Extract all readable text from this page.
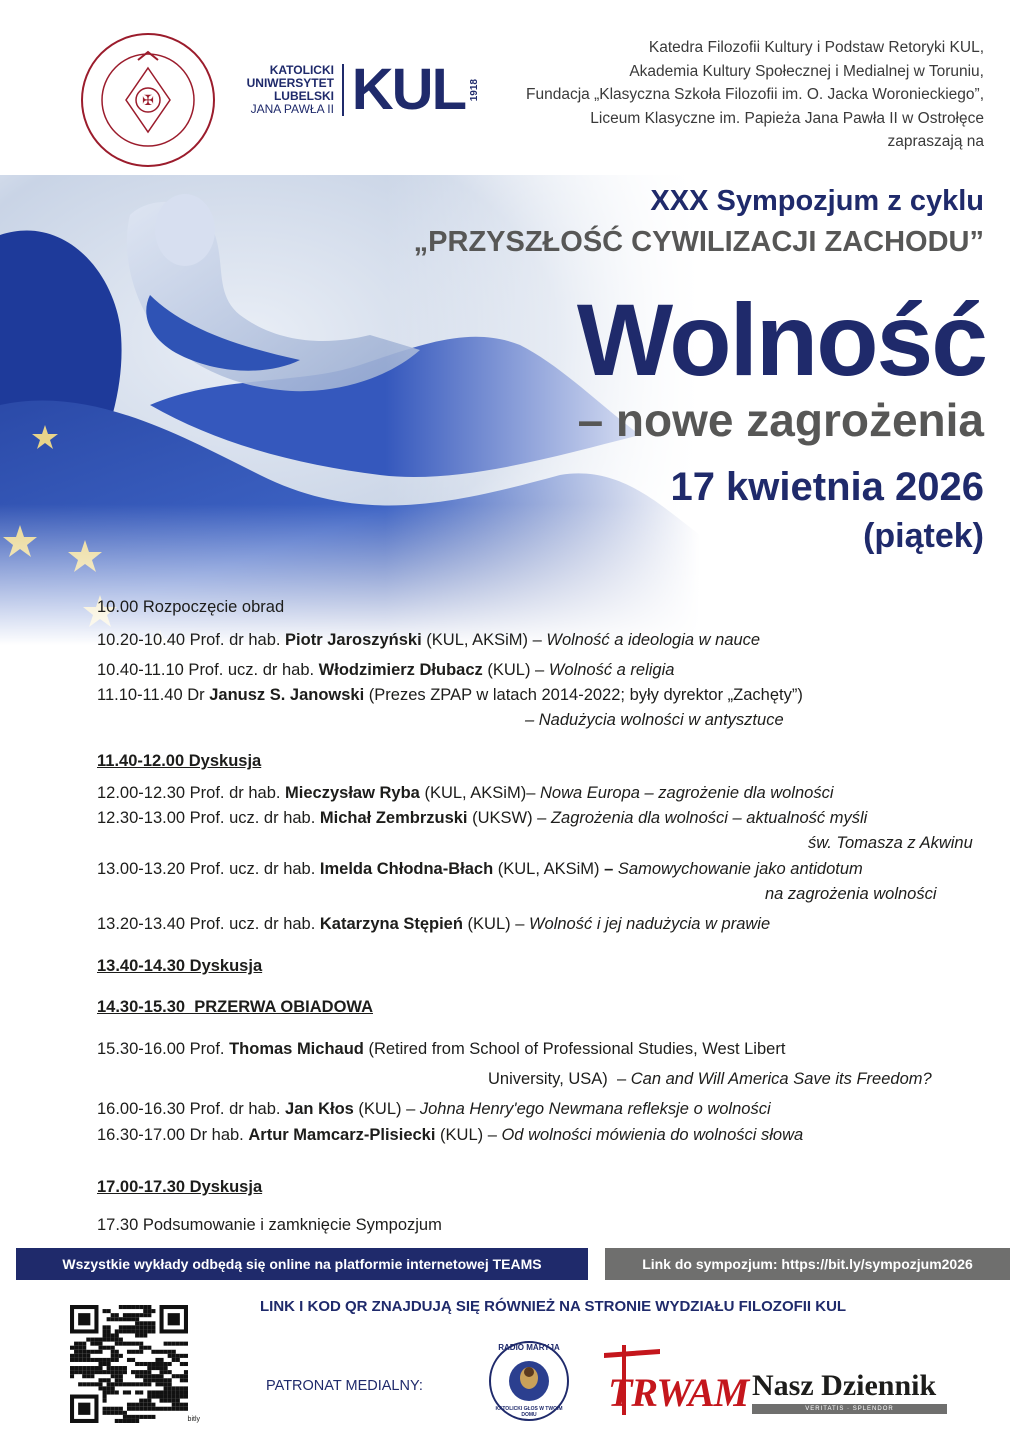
✠
KATOLICKI
UNIWERSYTET
LUBELSKI
JANA PAWŁA II KUL 1918
Katedra Filozofii Kultury i Podstaw Retoryki KUL,
Akademia Kultury Społecznej i Medialnej w Toruniu,
Fundacja „Klasyczna Szkoła Filozofii im. O. Jacka Woronieckiego”,
Liceum Klasyczne im. Papieża Jana Pawła II w Ostrołęce
zapraszają na
XXX Sympozjum z cyklu
„PRZYSZŁOŚĆ CYWILIZACJI ZACHODU”
Wolność
– nowe zagrożenia
17 kwietnia 2026
(piątek)
10.00 Rozpoczęcie obrad
10.20-10.40 Prof. dr hab. Piotr Jaroszyński (KUL, AKSiM) – Wolność a ideologia w nauce
10.40-11.10 Prof. ucz. dr hab. Włodzimierz Dłubacz (KUL) – Wolność a religia
11.10-11.40 Dr Janusz S. Janowski (Prezes ZPAP w latach 2014-2022; były dyrektor „Zachęty”)
– Nadużycia wolności w antysztuce
11.40-12.00 Dyskusja
12.00-12.30 Prof. dr hab. Mieczysław Ryba (KUL, AKSiM)– Nowa Europa – zagrożenie dla wolności
12.30-13.00 Prof. ucz. dr hab. Michał Zembrzuski (UKSW) – Zagrożenia dla wolności – aktualność myśli
św. Tomasza z Akwinu
13.00-13.20 Prof. ucz. dr hab. Imelda Chłodna-Błach (KUL, AKSiM) – Samowychowanie jako antidotum
na zagrożenia wolności
13.20-13.40 Prof. ucz. dr hab. Katarzyna Stępień (KUL) – Wolność i jej nadużycia w prawie
13.40-14.30 Dyskusja
14.30-15.30  PRZERWA OBIADOWA
15.30-16.00 Prof. Thomas Michaud (Retired from School of Professional Studies, West Libert
University, USA)  – Can and Will America Save its Freedom?
16.00-16.30 Prof. dr hab. Jan Kłos (KUL) – Johna Henry'ego Newmana refleksje o wolności
16.30-17.00 Dr hab. Artur Mamcarz-Plisiecki (KUL) – Od wolności mówienia do wolności słowa
17.00-17.30 Dyskusja
17.30 Podsumowanie i zamknięcie Sympozjum
Wszystkie wykłady odbędą się online na platformie internetowej TEAMS	Link do sympozjum: https://bit.ly/sympozjum2026
LINK I KOD QR ZNAJDUJĄ SIĘ RÓWNIEŻ NA STRONIE WYDZIAŁU FILOZOFII KUL
bitly
PATRONAT MEDIALNY:
RADIO MARYJA
KATOLICKI GŁOS W TWOIM DOMU	TRWAM Nasz Dziennik
VERITATIS · SPLENDOR
